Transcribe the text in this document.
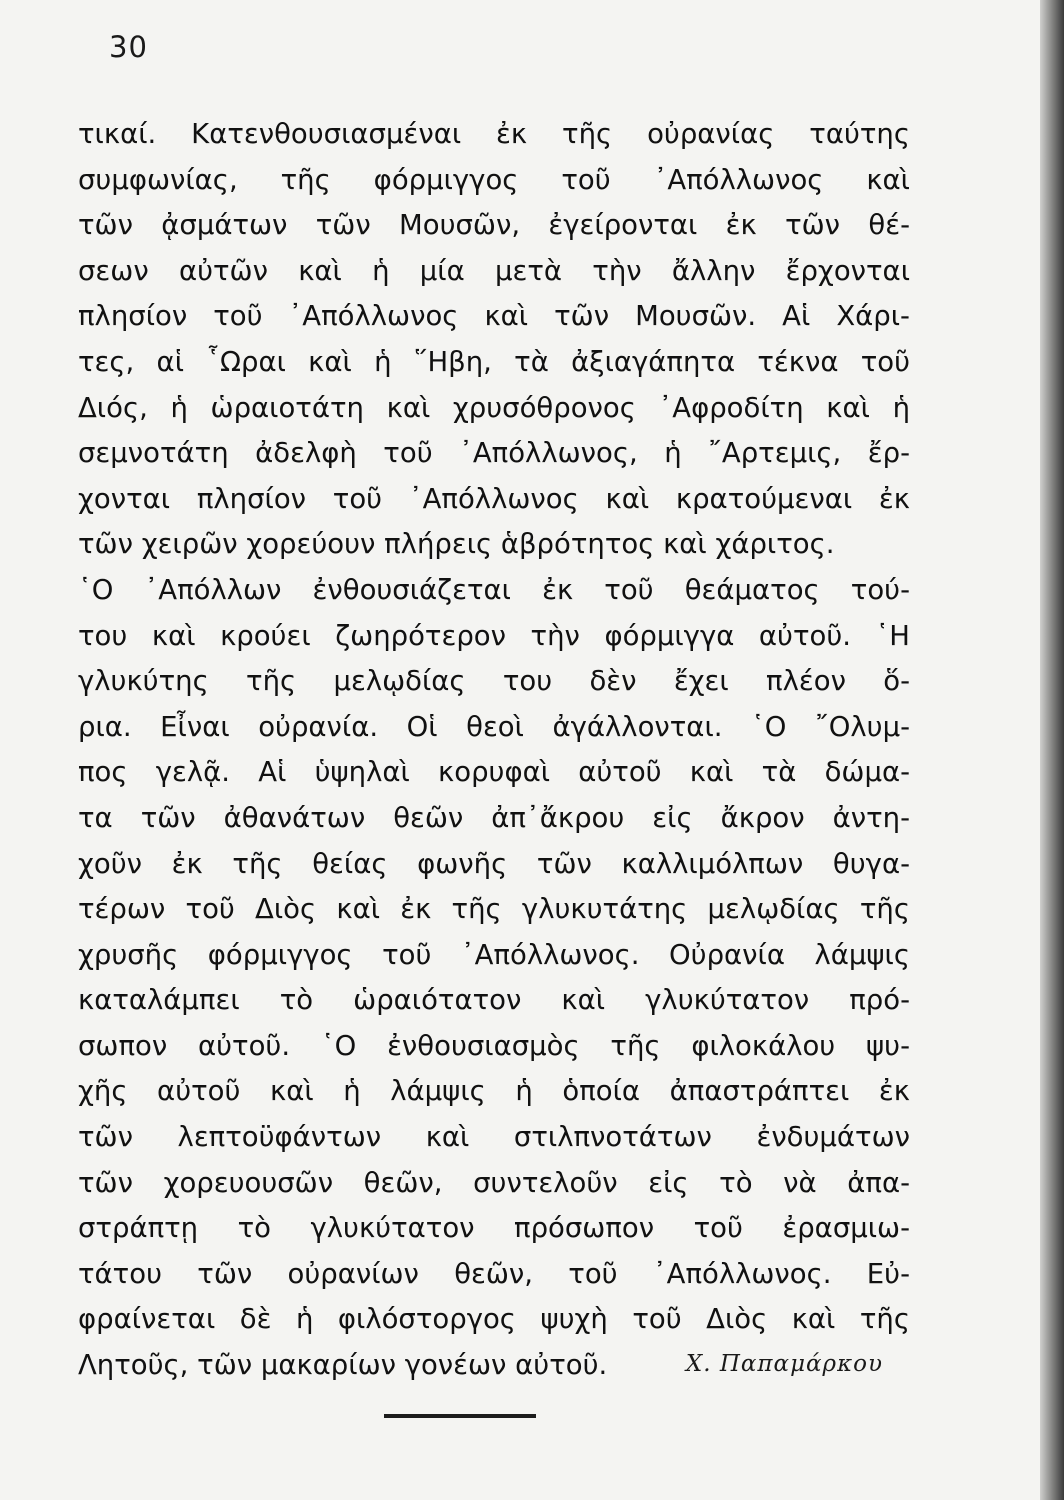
30
τικαί. Κατενθουσιασμέναι ἐκ τῆς οὐρανίας ταύτης
συμφωνίας, τῆς φόρμιγγος τοῦ ᾿Απόλλωνος καὶ
τῶν ᾀσμάτων τῶν Μουσῶν, ἐγείρονται ἐκ τῶν θέ-
σεων αὐτῶν καὶ ἡ μία μετὰ τὴν ἄλλην ἔρχονται
πλησίον τοῦ ᾿Απόλλωνος καὶ τῶν Μουσῶν. Αἱ Χάρι-
τες, αἱ ῟Ωραι καὶ ἡ ῞Ηβη, τὰ ἀξιαγάπητα τέκνα τοῦ
Διός, ἡ ὡραιοτάτη καὶ χρυσόθρονος ᾿Αφροδίτη καὶ ἡ
σεμνοτάτη ἀδελφὴ τοῦ ᾿Απόλλωνος, ἡ ῎Αρτεμις, ἔρ-
χονται πλησίον τοῦ ᾿Απόλλωνος καὶ κρατούμεναι ἐκ
τῶν χειρῶν χορεύουν πλήρεις ἁβρότητος καὶ χάριτος.
῾Ο ᾿Απόλλων ἐνθουσιάζεται ἐκ τοῦ θεάματος τού-
του καὶ κρούει ζωηρότερον τὴν φόρμιγγα αὐτοῦ. ῾Η
γλυκύτης τῆς μελῳδίας του δὲν ἔχει πλέον ὅ-
ρια. Εἶναι οὐρανία. Οἱ θεοὶ ἀγάλλονται. ῾Ο ῎Ολυμ-
πος γελᾷ. Αἱ ὑψηλαὶ κορυφαὶ αὐτοῦ καὶ τὰ δώμα-
τα τῶν ἀθανάτων θεῶν ἀπ᾿ἄκρου εἰς ἄκρον ἀντη-
χοῦν ἐκ τῆς θείας φωνῆς τῶν καλλιμόλπων θυγα-
τέρων τοῦ Διὸς καὶ ἐκ τῆς γλυκυτάτης μελῳδίας τῆς
χρυσῆς φόρμιγγος τοῦ ᾿Απόλλωνος. Οὐρανία λάμψις
καταλάμπει τὸ ὡραιότατον καὶ γλυκύτατον πρό-
σωπον αὐτοῦ. ῾Ο ἐνθουσιασμὸς τῆς φιλοκάλου ψυ-
χῆς αὐτοῦ καὶ ἡ λάμψις ἡ ὁποία ἀπαστράπτει ἐκ
τῶν λεπτοϋφάντων καὶ στιλπνοτάτων ἐνδυμάτων
τῶν χορευουσῶν θεῶν, συντελοῦν εἰς τὸ νὰ ἀπα-
στράπτῃ τὸ γλυκύτατον πρόσωπον τοῦ ἐρασμιω-
τάτου τῶν οὐρανίων θεῶν, τοῦ ᾿Απόλλωνος. Εὐ-
φραίνεται δὲ ἡ φιλόστοργος ψυχὴ τοῦ Διὸς καὶ τῆς
Λητοῦς, τῶν μακαρίων γονέων αὐτοῦ.	Χ. Παπαμάρκου
